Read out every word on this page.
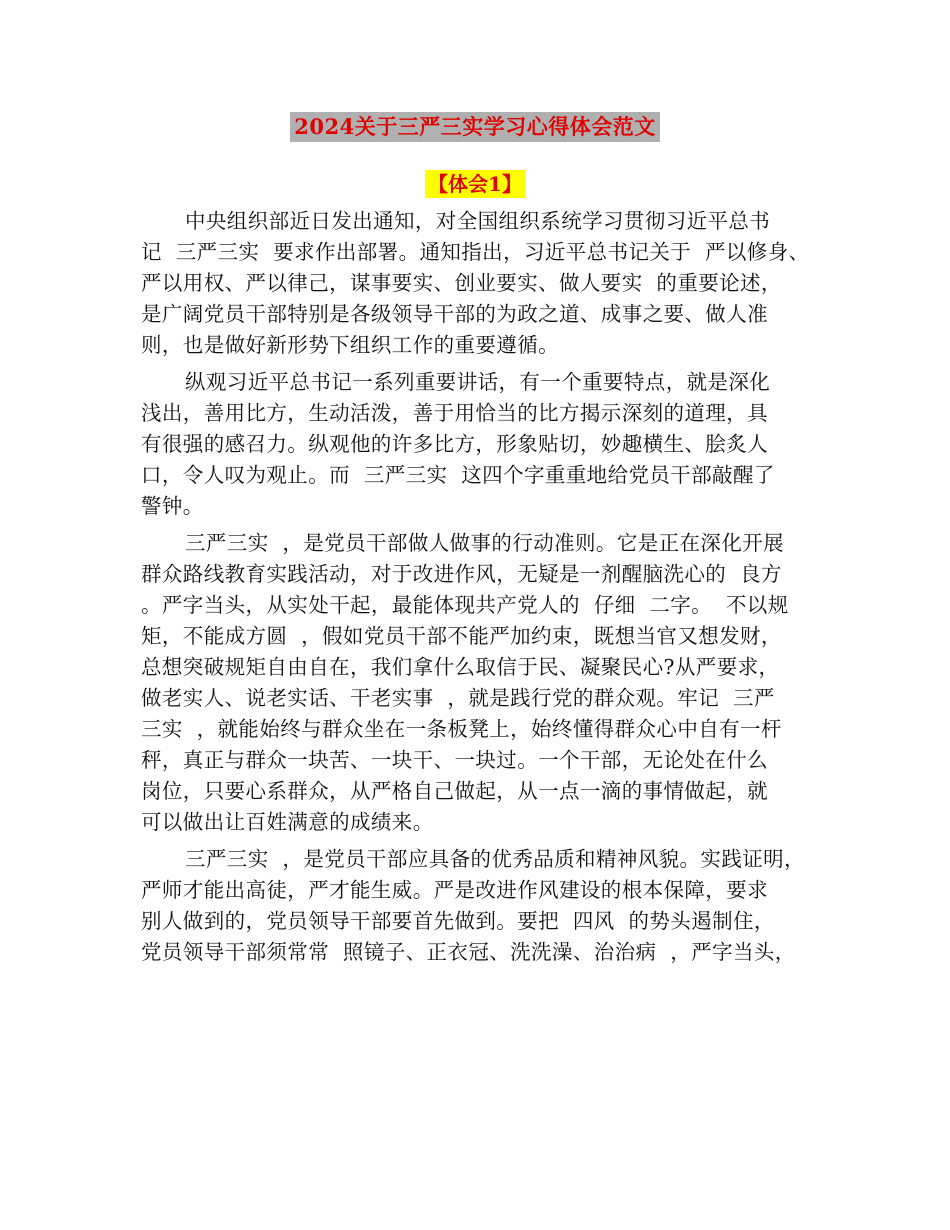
2024关于三严三实学习心得体会范文
【体会1】
中央组织部近日发出通知，对全国组织系统学习贯彻习近平总书
记  三严三实  要求作出部署。通知指出，习近平总书记关于  严以修身、
严以用权、严以律己，谋事要实、创业要实、做人要实  的重要论述，
是广阔党员干部特别是各级领导干部的为政之道、成事之要、做人准
则，也是做好新形势下组织工作的重要遵循。
纵观习近平总书记一系列重要讲话，有一个重要特点，就是深化
浅出，善用比方，生动活泼，善于用恰当的比方揭示深刻的道理，具
有很强的感召力。纵观他的许多比方，形象贴切，妙趣横生、脍炙人
口，令人叹为观止。而  三严三实  这四个字重重地给党员干部敲醒了
警钟。
三严三实  ，是党员干部做人做事的行动准则。它是正在深化开展
群众路线教育实践活动，对于改进作风，无疑是一剂醒脑洗心的  良方
。严字当头，从实处干起，最能体现共产党人的  仔细  二字。  不以规
矩，不能成方圆  ，假如党员干部不能严加约束，既想当官又想发财，
总想突破规矩自由自在，我们拿什么取信于民、凝聚民心?从严要求，
做老实人、说老实话、干老实事  ，就是践行党的群众观。牢记  三严
三实  ，就能始终与群众坐在一条板凳上，始终懂得群众心中自有一杆
秤，真正与群众一块苦、一块干、一块过。一个干部，无论处在什么
岗位，只要心系群众，从严格自己做起，从一点一滴的事情做起，就
可以做出让百姓满意的成绩来。
三严三实  ，是党员干部应具备的优秀品质和精神风貌。实践证明，
严师才能出高徒，严才能生威。严是改进作风建设的根本保障，要求
别人做到的，党员领导干部要首先做到。要把  四风  的势头遏制住，
党员领导干部须常常  照镜子、正衣冠、洗洗澡、治治病  ，严字当头，
